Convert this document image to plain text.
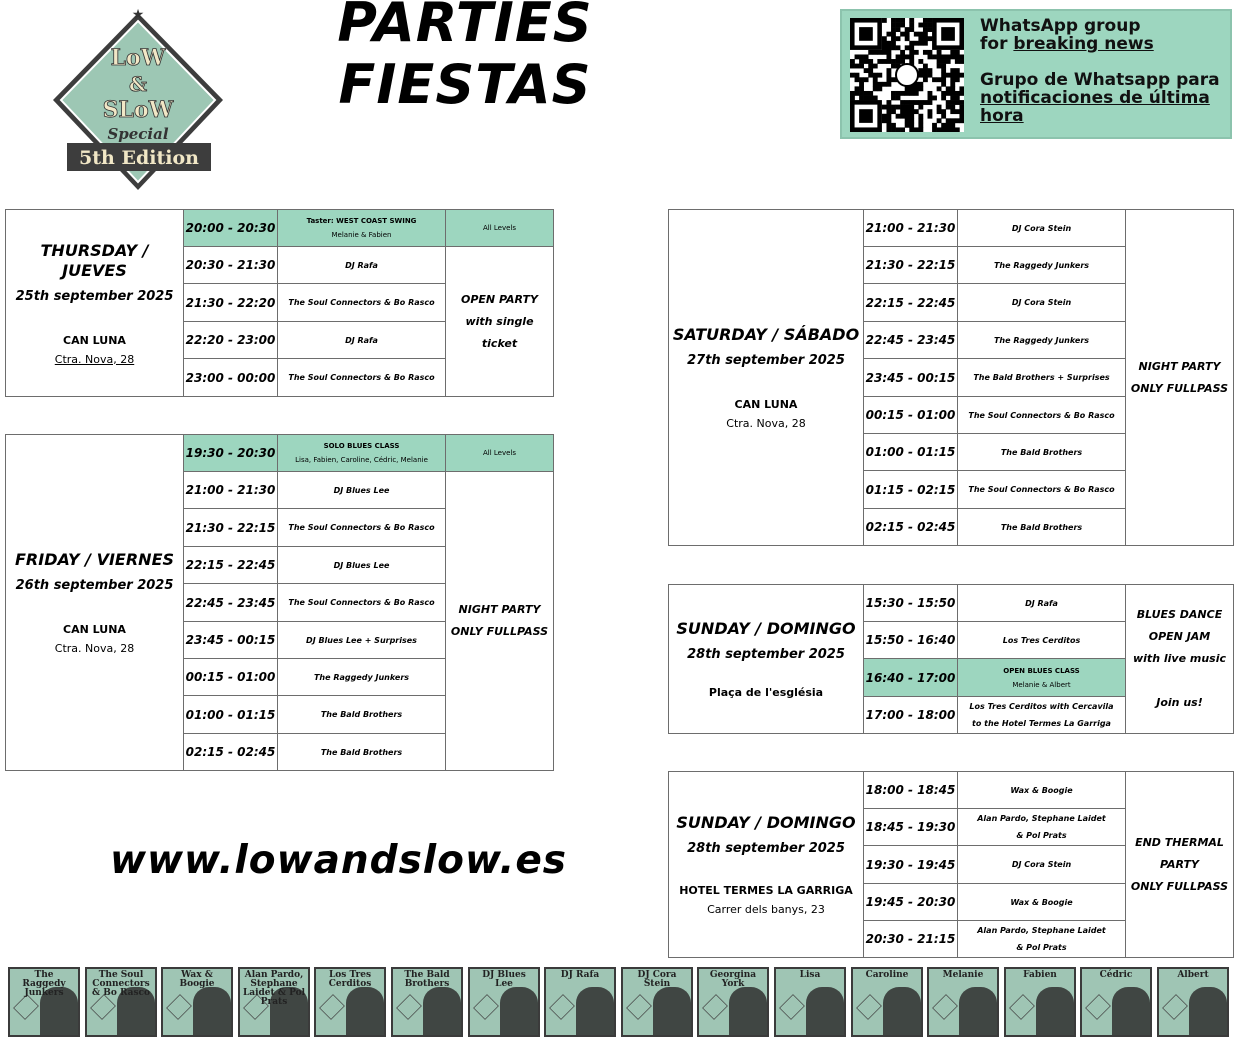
★
LoW
&
SLoW
Special
5th Edition
PARTIES
FIESTAS

WhatsApp group
for breaking news

Grupo de Whatsapp para
notificaciones de última
hora

THURSDAY / JUEVES
25th september 2025
CAN LUNA
Ctra. Nova, 28	20:00 - 20:30	Taster: WEST COAST SWING
Melanie & Fabien	All Levels
	20:30 - 21:30	DJ Rafa	OPEN PARTY
with single ticket
	21:30 - 22:20	The Soul Connectors & Bo Rasco	
	22:20 - 23:00	DJ Rafa	
	23:00 - 00:00	The Soul Connectors & Bo Rasco	
FRIDAY / VIERNES
26th september 2025
CAN LUNA
Ctra. Nova, 28	19:30 - 20:30	SOLO BLUES CLASS
Lisa, Fabien, Caroline, Cédric, Melanie	All Levels
	21:00 - 21:30	DJ Blues Lee	NIGHT PARTY
ONLY FULLPASS
	21:30 - 22:15	The Soul Connectors & Bo Rasco	
	22:15 - 22:45	DJ Blues Lee	
	22:45 - 23:45	The Soul Connectors & Bo Rasco	
	23:45 - 00:15	DJ Blues Lee + Surprises	
	00:15 - 01:00	The Raggedy Junkers	
	01:00 - 01:15	The Bald Brothers	
	02:15 - 02:45	The Bald Brothers	
SATURDAY / SÁBADO
27th september 2025
CAN LUNA
Ctra. Nova, 28	21:00 - 21:30	DJ Cora Stein	NIGHT PARTY
ONLY FULLPASS
	21:30 - 22:15	The Raggedy Junkers	
	22:15 - 22:45	DJ Cora Stein	
	22:45 - 23:45	The Raggedy Junkers	
	23:45 - 00:15	The Bald Brothers + Surprises	
	00:15 - 01:00	The Soul Connectors & Bo Rasco	
	01:00 - 01:15	The Bald Brothers	
	01:15 - 02:15	The Soul Connectors & Bo Rasco	
	02:15 - 02:45	The Bald Brothers	
SUNDAY / DOMINGO
28th september 2025
Plaça de l'església	15:30 - 15:50	DJ Rafa	BLUES DANCE
OPEN JAM
with live music

Join us!
	15:50 - 16:40	Los Tres Cerditos	
	16:40 - 17:00	OPEN BLUES CLASS
Melanie & Albert	

	17:00 - 18:00	Los Tres Cerditos with Cercavila
to the Hotel Termes La Garriga	
SUNDAY / DOMINGO
28th september 2025
HOTEL TERMES LA GARRIGA
Carrer dels banys, 23	18:00 - 18:45	Wax & Boogie	END THERMAL
PARTY
ONLY FULLPASS
	18:45 - 19:30	Alan Pardo, Stephane Laidet
& Pol Prats	
	19:30 - 19:45	DJ Cora Stein	
	19:45 - 20:30	Wax & Boogie	
	20:30 - 21:15	Alan Pardo, Stephane Laidet
& Pol Prats	
www.lowandslow.es
The Raggedy Junkers
The Soul Connectors & Bo Rasco
Wax & Boogie
Alan Pardo, Stephane Laidet & Pol Prats
Los Tres Cerditos
The Bald Brothers
DJ Blues Lee
DJ Rafa	DJ Cora Stein
Georgina York
Lisa	Caroline	Melanie	Fabien	Cédric	Albert
